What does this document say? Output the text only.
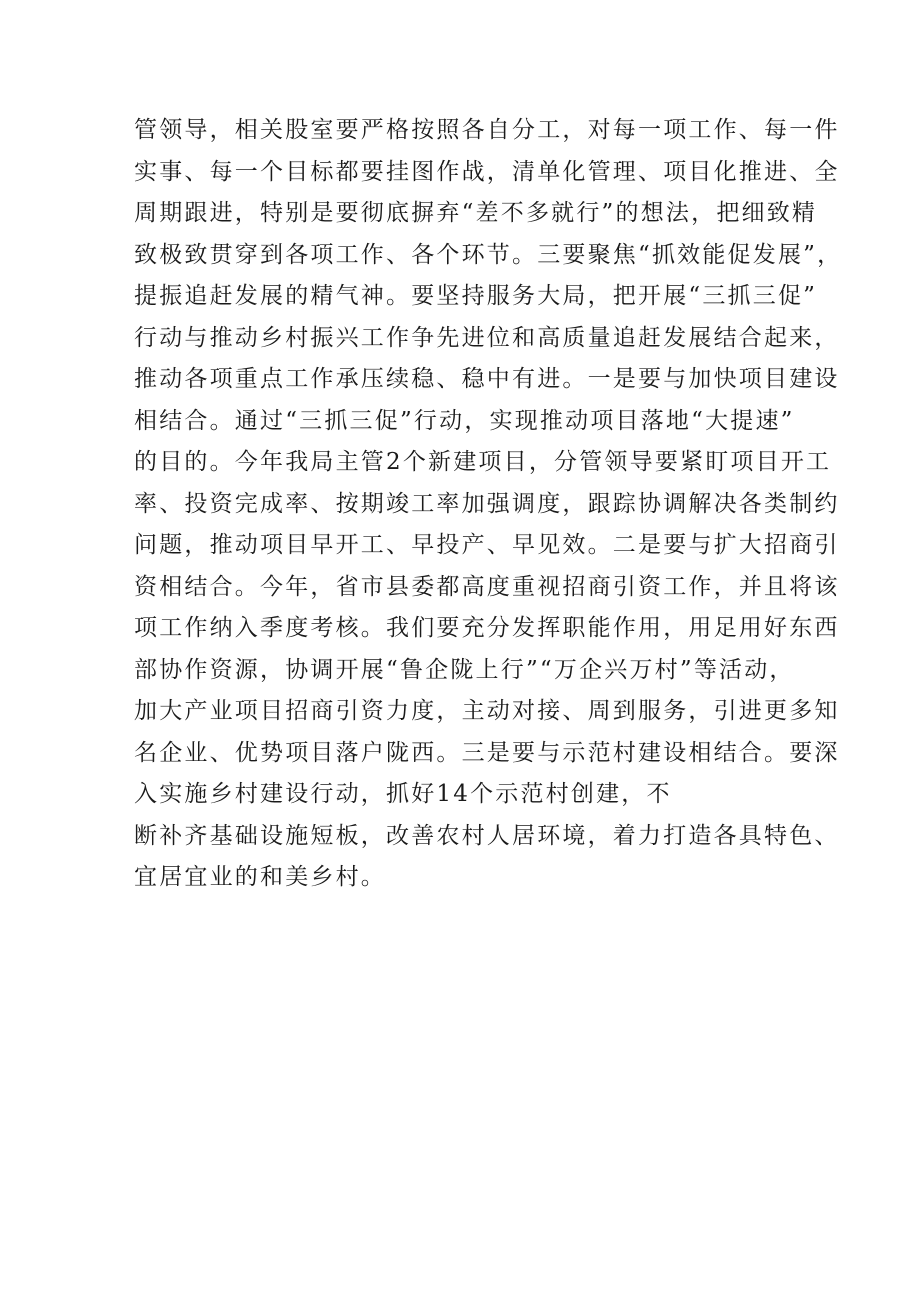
管领导，相关股室要严格按照各自分工，对每一项工作、每一件
实事、每一个目标都要挂图作战，清单化管理、项目化推进、全
周期跟进，特别是要彻底摒弃“差不多就行”的想法，把细致精
致极致贯穿到各项工作、各个环节。三要聚焦“抓效能促发展”，
提振追赶发展的精气神。要坚持服务大局，把开展“三抓三促”
行动与推动乡村振兴工作争先进位和高质量追赶发展结合起来，
推动各项重点工作承压续稳、稳中有进。一是要与加快项目建设
相结合。通过“三抓三促”行动，实现推动项目落地“大提速”
的目的。今年我局主管2个新建项目，分管领导要紧盯项目开工
率、投资完成率、按期竣工率加强调度，跟踪协调解决各类制约
问题，推动项目早开工、早投产、早见效。二是要与扩大招商引
资相结合。今年，省市县委都高度重视招商引资工作，并且将该
项工作纳入季度考核。我们要充分发挥职能作用，用足用好东西
部协作资源，协调开展“鲁企陇上行”“万企兴万村”等活动，
加大产业项目招商引资力度，主动对接、周到服务，引进更多知
名企业、优势项目落户陇西。三是要与示范村建设相结合。要深
入实施乡村建设行动，抓好14个示范村创建，不
断补齐基础设施短板，改善农村人居环境，着力打造各具特色、
宜居宜业的和美乡村。
